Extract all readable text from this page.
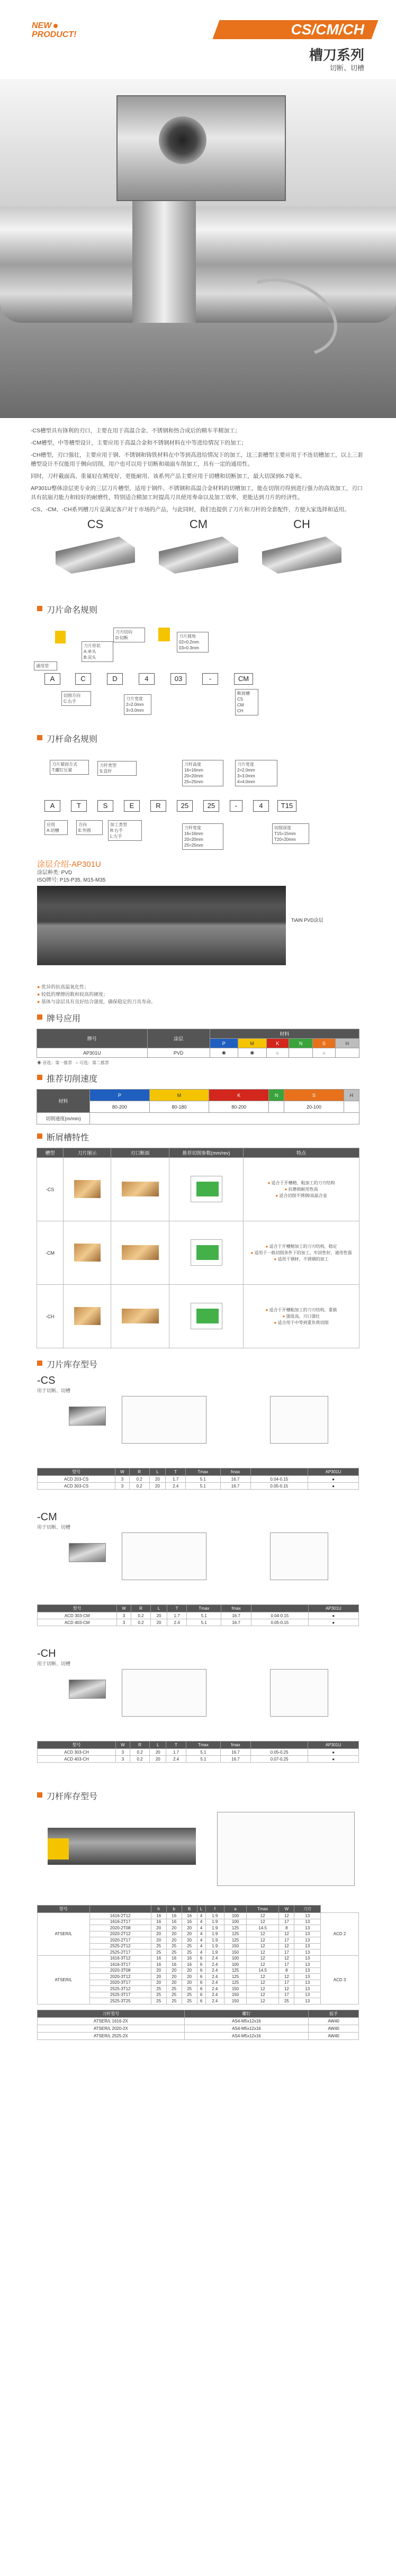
NEW
PRODUCT!	CS/CM/CH
槽刀系列
切断、切槽

-CS槽型具有锋利的刃口，主要在用于高温合金、不锈钢和热合成后的精车半精加工；

-CM槽型，中等槽型设计，主要应用于高温合金和不锈钢材料在中等进给情况下的加工；

-CH槽型，刃口强壮，主要应用于钢、不锈钢和铸铁材料在中等到高进给情况下的加工，这三套槽型主要应用于不连切槽加工，以上三套槽型设计不仅能用于侧向切削，用户也可以用于切断和端面车削加工，具有一定的通用性。

同时，刀杆截面高、重量轻在精度好，更能耐用、该系列产品主要应用于切槽和切断加工，最大切深到6.7毫米。

AP301U整体涂层更专业的三层刀片槽型，适用于钢件、不锈钢和高温合金材料的切槽加工，能在切削刃得到进行强力的高效加工，刃口具有抗崩刃能力和较好的耐磨性，特别适合精加工时提高刀具使用寿命以及加工效率，更能达到刀片的经济性。

-CS、-CM、-CH系列槽刀片是满足客户对于市场的产品，与此同时，我们也提供了刀片和刀杆的全套配件，方便大家选择和适用。

CS	CM	CH
刀片命名规则
通用型
刀片形状
A:单头
B:双头
刀刃切向
D:切断	刀片圆角
02=0.2mm
03=0.3mm
A	C	D	4	03	-	CM
切削方向
C:右手
刀片宽度
2=2.0mm
3=3.0mm
断屑槽
CS
CM
CH
刀杆命名规则
刀片紧固方式
T:螺钉压紧
刀杆类型
S:直杆
刀杆高度
16=16mm
20=20mm
25=25mm
刀片宽度
2=2.0mm
3=3.0mm
4=4.0mm
A	T	S	E	R	25	25	-	4	T15
应用
A:切槽
方向
E:外圆
加工类型
R:右手
L:左手
刀杆宽度
16=16mm
20=20mm
25=25mm
切削深度
T15=15mm
T20=20mm
涂层介绍-AP301U
涂层种类: PVD
ISO牌号: P15-P35, M15-M35
TiAlN PVD涂层
● 优异的抗高温氧化性；
● 较低的摩擦因数和较高的硬度；
● 基体与涂层具有良好结合强度，确保稳定的刀具寿命。
牌号应用
牌号	涂层	材料					
		P	M	K	N	S	H
AP301U	PVD	◉	◉	○		○	
◉ 首选：第一推荐 ○ 可选：第二推荐
推荐切削速度
材料	P	M	K	N	S	H
	80-200	80-180	80-200		20-100	
切削速度(m/min)						
断屑槽特性
槽型	刀片图示	刃口断面	推荐切削参数(mm/rev)	特点
-CS				● 适合于开槽精、粗加工的刀刃结构
● 抗磨损耐用性高
● 适合切削不锈钢/高温合金

-CM				● 适合于开槽精加工的刀刃结构，稳定
● 适用于一般切削条件下的加工，牢固性好，通用性强
● 适用于钢材、不锈钢的加工

-CH				● 适合于开槽粗加工的刀刃结构，重载
● 强度高，刃口强壮
● 适合用于中等到重负荷切削
刀片库存型号
-CS
用于切断、切槽
型号	W	R	L	T	Tmax	fmax		AP301U
ACD 203-CS	3	0.2	20	1.7	5.1	16.7	0.04-0.15	●
ACD 303-CS	3	0.2	20	2.4	5.1	16.7	0.05-0.15	●
-CM
用于切断、切槽
型号	W	R	L	T	Tmax	fmax		AP301U
ACD 303-CM	3	0.2	20	1.7	5.1	16.7	0.04-0.15	●
ACD 403-CM	3	0.2	20	2.4	5.1	16.7	0.05-0.15	●
-CH
用于切断、切槽
型号	W	R	L	T	Tmax	fmax		AP301U
ACD 303-CH	3	0.2	20	1.7	5.1	16.7	0.05-0.25	●
ACD 403-CH	3	0.2	20	2.4	5.1	16.7	0.07-0.25	●
刀杆库存型号
型号		h	b	B	L	f	a	Tmax	W	刀片	
ATSER/L	1616-2T12	16	16	16	4	1.9	100	12	12	13	ACD 2
	1616-2T17	16	16	16	4	1.9	100	12	17	13	
	2020-2T08	20	20	20	4	1.9	125	14.5	8	13	
	2020-2T12	20	20	20	4	1.9	125	12	12	13	
	2020-2T17	20	20	20	4	1.9	125	12	17	13	
	2525-2T12	25	25	25	4	1.9	150	12	12	13	
	2525-2T17	25	25	25	4	1.9	150	12	17	13	
ATSER/L	1616-3T12	16	16	16	6	2.4	100	12	12	13	ACD 3
	1616-3T17	16	16	16	6	2.4	100	12	17	13	
	2020-3T08	20	20	20	6	2.4	125	14.5	8	13	
	2020-3T12	20	20	20	6	2.4	125	12	12	13	
	2020-3T17	20	20	20	6	2.4	125	12	17	13	
	2525-3T12	25	25	25	6	2.4	150	12	12	13	
	2525-3T17	25	25	25	6	2.4	150	12	17	13	
	2525-3T25	25	25	25	6	2.4	150	12	25	13	
刀杆型号	螺钉	扳手
ATSER/L 1616-2X	AS4-M5x12x16	AW40
ATSER/L 2020-2X	AS4-M5x12x16	AW40
ATSER/L 2525-2X	AS4-M5x12x16	AW40
